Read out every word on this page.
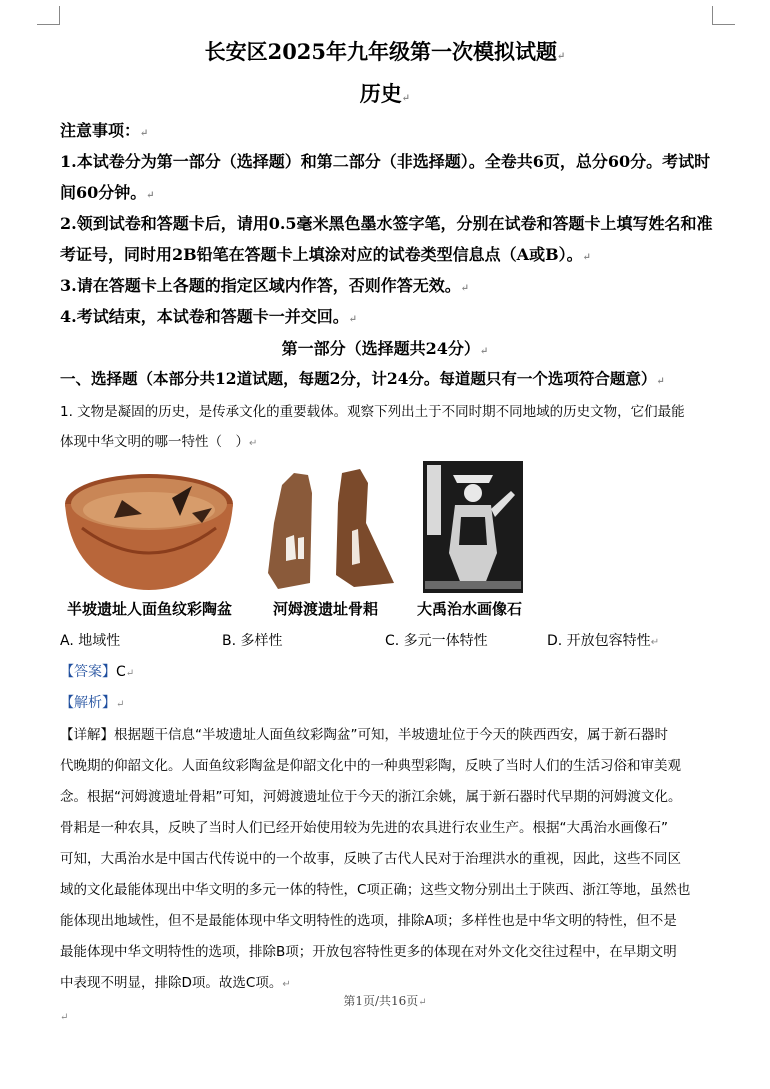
长安区2025年九年级第一次模拟试题↵
历史↵
注意事项：↵
1.本试卷分为第一部分（选择题）和第二部分（非选择题）。全卷共6页，总分60分。考试时
间60分钟。↵
2.领到试卷和答题卡后，请用0.5毫米黑色墨水签字笔，分别在试卷和答题卡上填写姓名和准
考证号，同时用2B铅笔在答题卡上填涂对应的试卷类型信息点（A或B）。↵
3.请在答题卡上各题的指定区域内作答，否则作答无效。↵
4.考试结束，本试卷和答题卡一并交回。↵
第一部分（选择题共24分）↵
一、选择题（本部分共12道试题，每题2分，计24分。每道题只有一个选项符合题意）↵
1. 文物是凝固的历史，是传承文化的重要载体。观察下列出土于不同时期不同地域的历史文物，它们最能
体现中华文明的哪一特性（　）↵
半坡遗址人面鱼纹彩陶盆	河姆渡遗址骨耜	大禹治水画像石
A. 地域性	B. 多样性	C. 多元一体特性	D. 开放包容特性↵
【答案】C↵
【解析】↵
【详解】根据题干信息“半坡遗址人面鱼纹彩陶盆”可知，半坡遗址位于今天的陕西西安，属于新石器时
代晚期的仰韶文化。人面鱼纹彩陶盆是仰韶文化中的一种典型彩陶，反映了当时人们的生活习俗和审美观
念。根据“河姆渡遗址骨耜”可知，河姆渡遗址位于今天的浙江余姚，属于新石器时代早期的河姆渡文化。
骨耜是一种农具，反映了当时人们已经开始使用较为先进的农具进行农业生产。根据“大禹治水画像石”
可知，大禹治水是中国古代传说中的一个故事，反映了古代人民对于治理洪水的重视，因此，这些不同区
域的文化最能体现出中华文明的多元一体的特性，C项正确；这些文物分别出土于陕西、浙江等地，虽然也
能体现出地域性，但不是最能体现中华文明特性的选项，排除A项；多样性也是中华文明的特性，但不是
最能体现中华文明特性的选项，排除B项；开放包容特性更多的体现在对外文化交往过程中，在早期文明
中表现不明显，排除D项。故选C项。↵
第1页/共16页↵
↵
